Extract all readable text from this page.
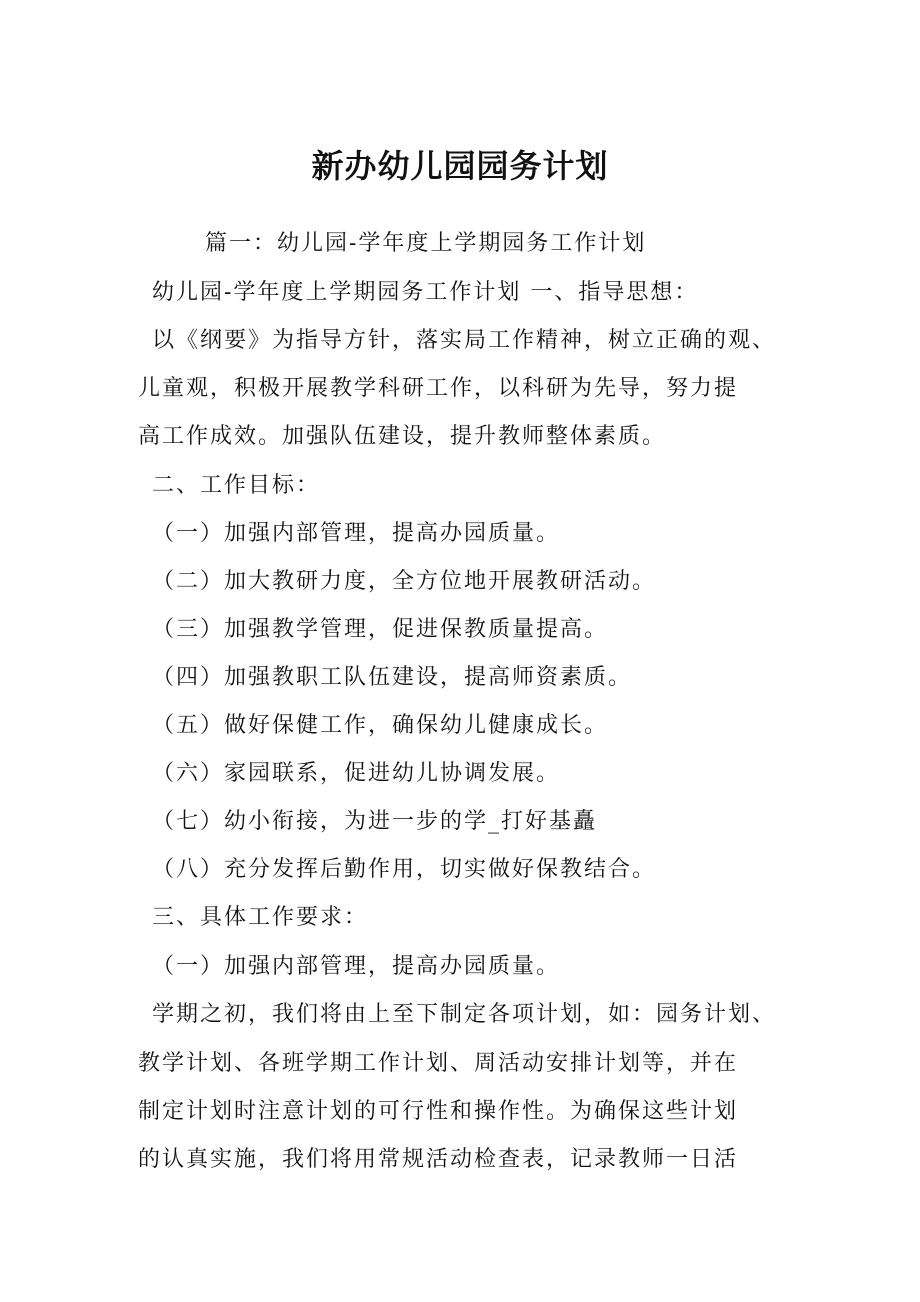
新办幼儿园园务计划
篇一：幼儿园-学年度上学期园务工作计划
幼儿园-学年度上学期园务工作计划 一、指导思想：
以《纲要》为指导方针，落实局工作精神，树立正确的观、
儿童观，积极开展教学科研工作，以科研为先导，努力提
高工作成效。加强队伍建设，提升教师整体素质。
二、工作目标：
（一）加强内部管理，提高办园质量。
（二）加大教研力度，全方位地开展教研活动。
（三）加强教学管理，促进保教质量提高。
（四）加强教职工队伍建设，提高师资素质。
（五）做好保健工作，确保幼儿健康成长。
（六）家园联系，促进幼儿协调发展。
（七）幼小衔接，为进一步的学_打好基矗
（八）充分发挥后勤作用，切实做好保教结合。
三、具体工作要求：
（一）加强内部管理，提高办园质量。
学期之初，我们将由上至下制定各项计划，如：园务计划、
教学计划、各班学期工作计划、周活动安排计划等，并在
制定计划时注意计划的可行性和操作性。为确保这些计划
的认真实施，我们将用常规活动检查表，记录教师一日活
